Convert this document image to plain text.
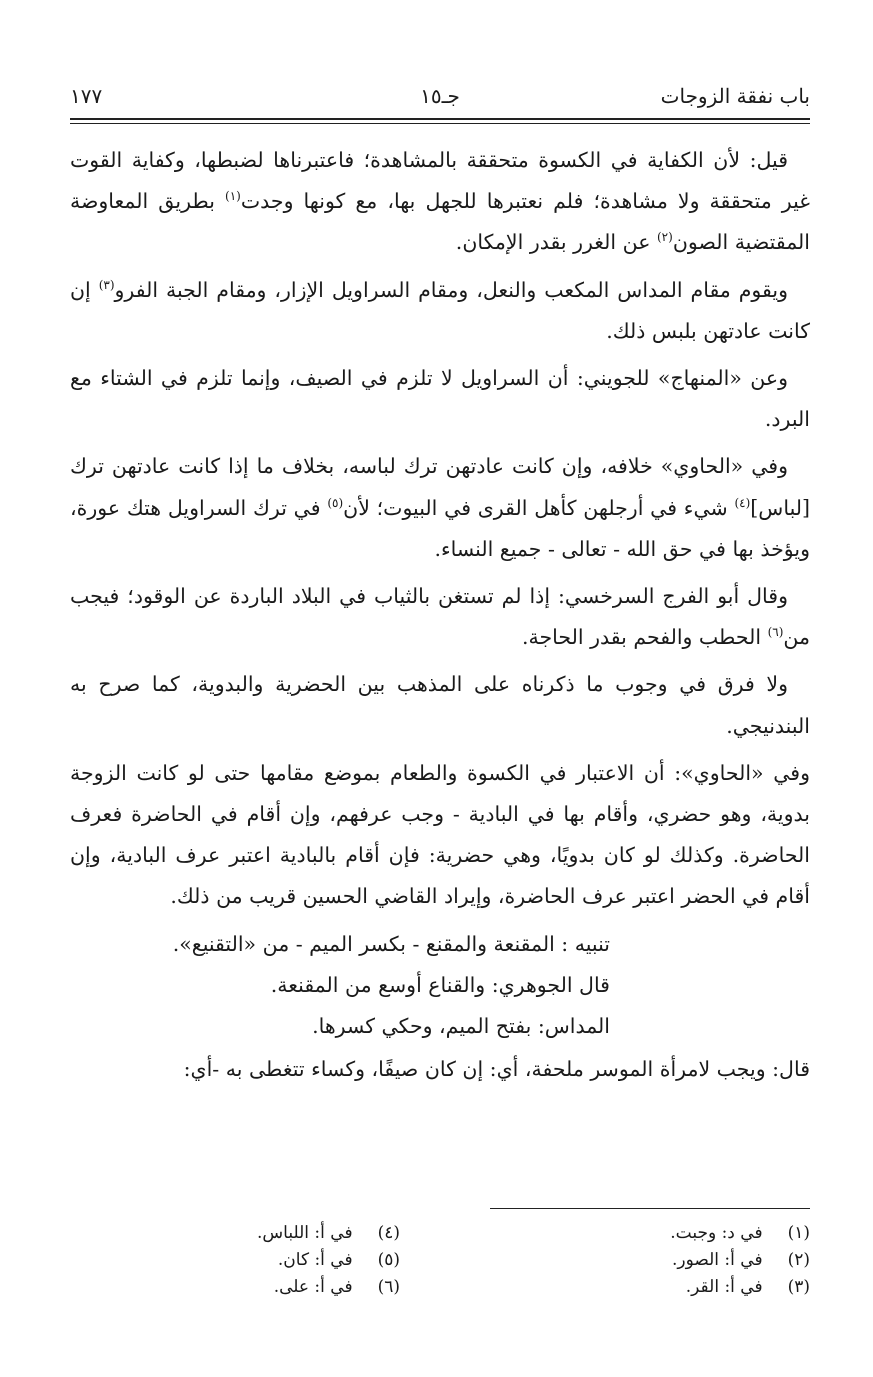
باب نفقة الزوجات
جـ١٥
١٧٧

قيل: لأن الكفاية في الكسوة متحققة بالمشاهدة؛ فاعتبرناها لضبطها، وكفاية القوت غير متحققة ولا مشاهدة؛ فلم نعتبرها للجهل بها، مع كونها وجدت$^{(١)}$ بطريق المعاوضة المقتضية الصون$^{(٢)}$ عن الغرر بقدر الإمكان.

ويقوم مقام المداس المكعب والنعل، ومقام السراويل الإزار، ومقام الجبة الفرو$^{(٣)}$ إن كانت عادتهن بلبس ذلك.

وعن «المنهاج» للجويني: أن السراويل لا تلزم في الصيف، وإنما تلزم في الشتاء مع البرد.

وفي «الحاوي» خلافه، وإن كانت عادتهن ترك لباسه، بخلاف ما إذا كانت عادتهن ترك [لباس]$^{(٤)}$ شيء في أرجلهن كأهل القرى في البيوت؛ لأن$^{(٥)}$ في ترك السراويل هتك عورة، ويؤخذ بها في حق الله - تعالى - جميع النساء.

وقال أبو الفرج السرخسي: إذا لم تستغن بالثياب في البلاد الباردة عن الوقود؛ فيجب من$^{(٦)}$ الحطب والفحم بقدر الحاجة.

ولا فرق في وجوب ما ذكرناه على المذهب بين الحضرية والبدوية، كما صرح به البندنيجي.

وفي «الحاوي»: أن الاعتبار في الكسوة والطعام بموضع مقامها حتى لو كانت الزوجة بدوية، وهو حضري، وأقام بها في البادية - وجب عرفهم، وإن أقام في الحاضرة فعرف الحاضرة. وكذلك لو كان بدويًا، وهي حضرية: فإن أقام بالبادية اعتبر عرف البادية، وإن أقام في الحضر اعتبر عرف الحاضرة، وإيراد القاضي الحسين قريب من ذلك.

تنبيه : المقنعة والمقنع - بكسر الميم - من «التقنيع».

قال الجوهري: والقناع أوسع من المقنعة.

المداس: بفتح الميم، وحكي كسرها.

قال: ويجب لامرأة الموسر ملحفة، أي: إن كان صيفًا، وكساء تتغطى به -أي:

(١) في د: وجبت.
(٢) في أ: الصور.
(٣) في أ: القر.
(٤) في أ: اللباس.
(٥) في أ: كان.
(٦) في أ: على.
